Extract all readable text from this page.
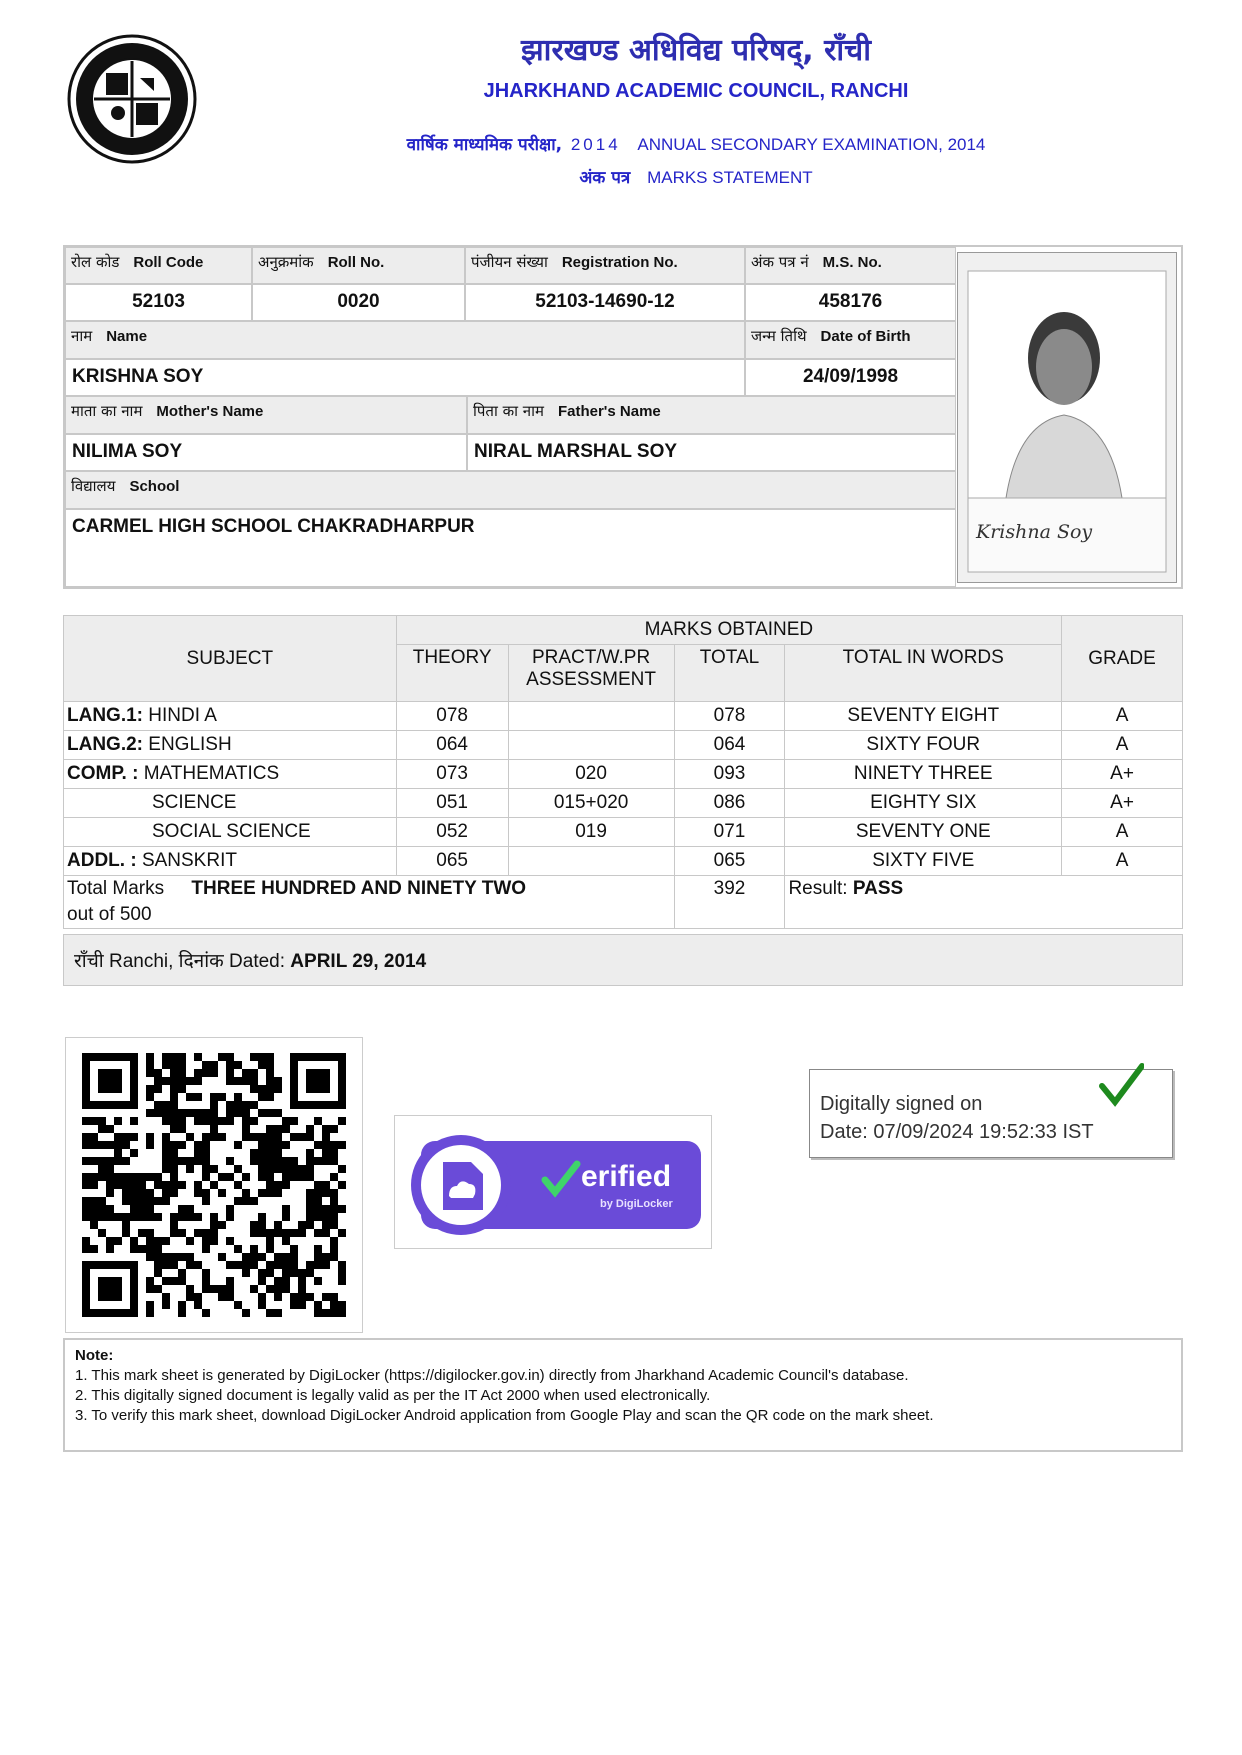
झारखण्ड अधिविद्य परिषद्, राँची
JHARKHAND ACADEMIC COUNCIL, RANCHI
वार्षिक माध्यमिक परीक्षा, 2014 ANNUAL SECONDARY EXAMINATION, 2014
अंक पत्र MARKS STATEMENT
रोल कोड Roll Code	अनुक्रमांक Roll No.	पंजीयन संख्या Registration No.	अंक पत्र नं M.S. No.
52103	0020	52103-14690-12	458176
नाम Name	जन्म तिथि Date of Birth
KRISHNA SOY	24/09/1998
माता का नाम Mother's Name	पिता का नाम Father's Name
NILIMA SOY	NIRAL MARSHAL SOY
विद्यालय School
CARMEL HIGH SCHOOL CHAKRADHARPUR	Krishna Soy
SUBJECT	MARKS OBTAINED				GRADE
	THEORY	PRACT/W.PR ASSESSMENT	TOTAL	TOTAL IN WORDS	
LANG.1: HINDI A	078		078	SEVENTY EIGHT	A
LANG.2: ENGLISH	064		064	SIXTY FOUR	A
COMP. : MATHEMATICS	073	020	093	NINETY THREE	A+
SCIENCE	051	015+020	086	EIGHTY SIX	A+
SOCIAL SCIENCE	052	019	071	SEVENTY ONE	A
ADDL. : SANSKRIT	065		065	SIXTY FIVE	A
Total Marks THREE HUNDRED AND NINETY TWO
out of 500			392	Result: PASS	
राँची Ranchi, दिनांक Dated: APRIL 29, 2014
erified
by DigiLocker
Digitally signed on
Date: 07/09/2024 19:52:33 IST
Note:
1. This mark sheet is generated by DigiLocker (https://digilocker.gov.in) directly from Jharkhand Academic Council's database.
2. This digitally signed document is legally valid as per the IT Act 2000 when used electronically.
3. To verify this mark sheet, download DigiLocker Android application from Google Play and scan the QR code on the mark sheet.
